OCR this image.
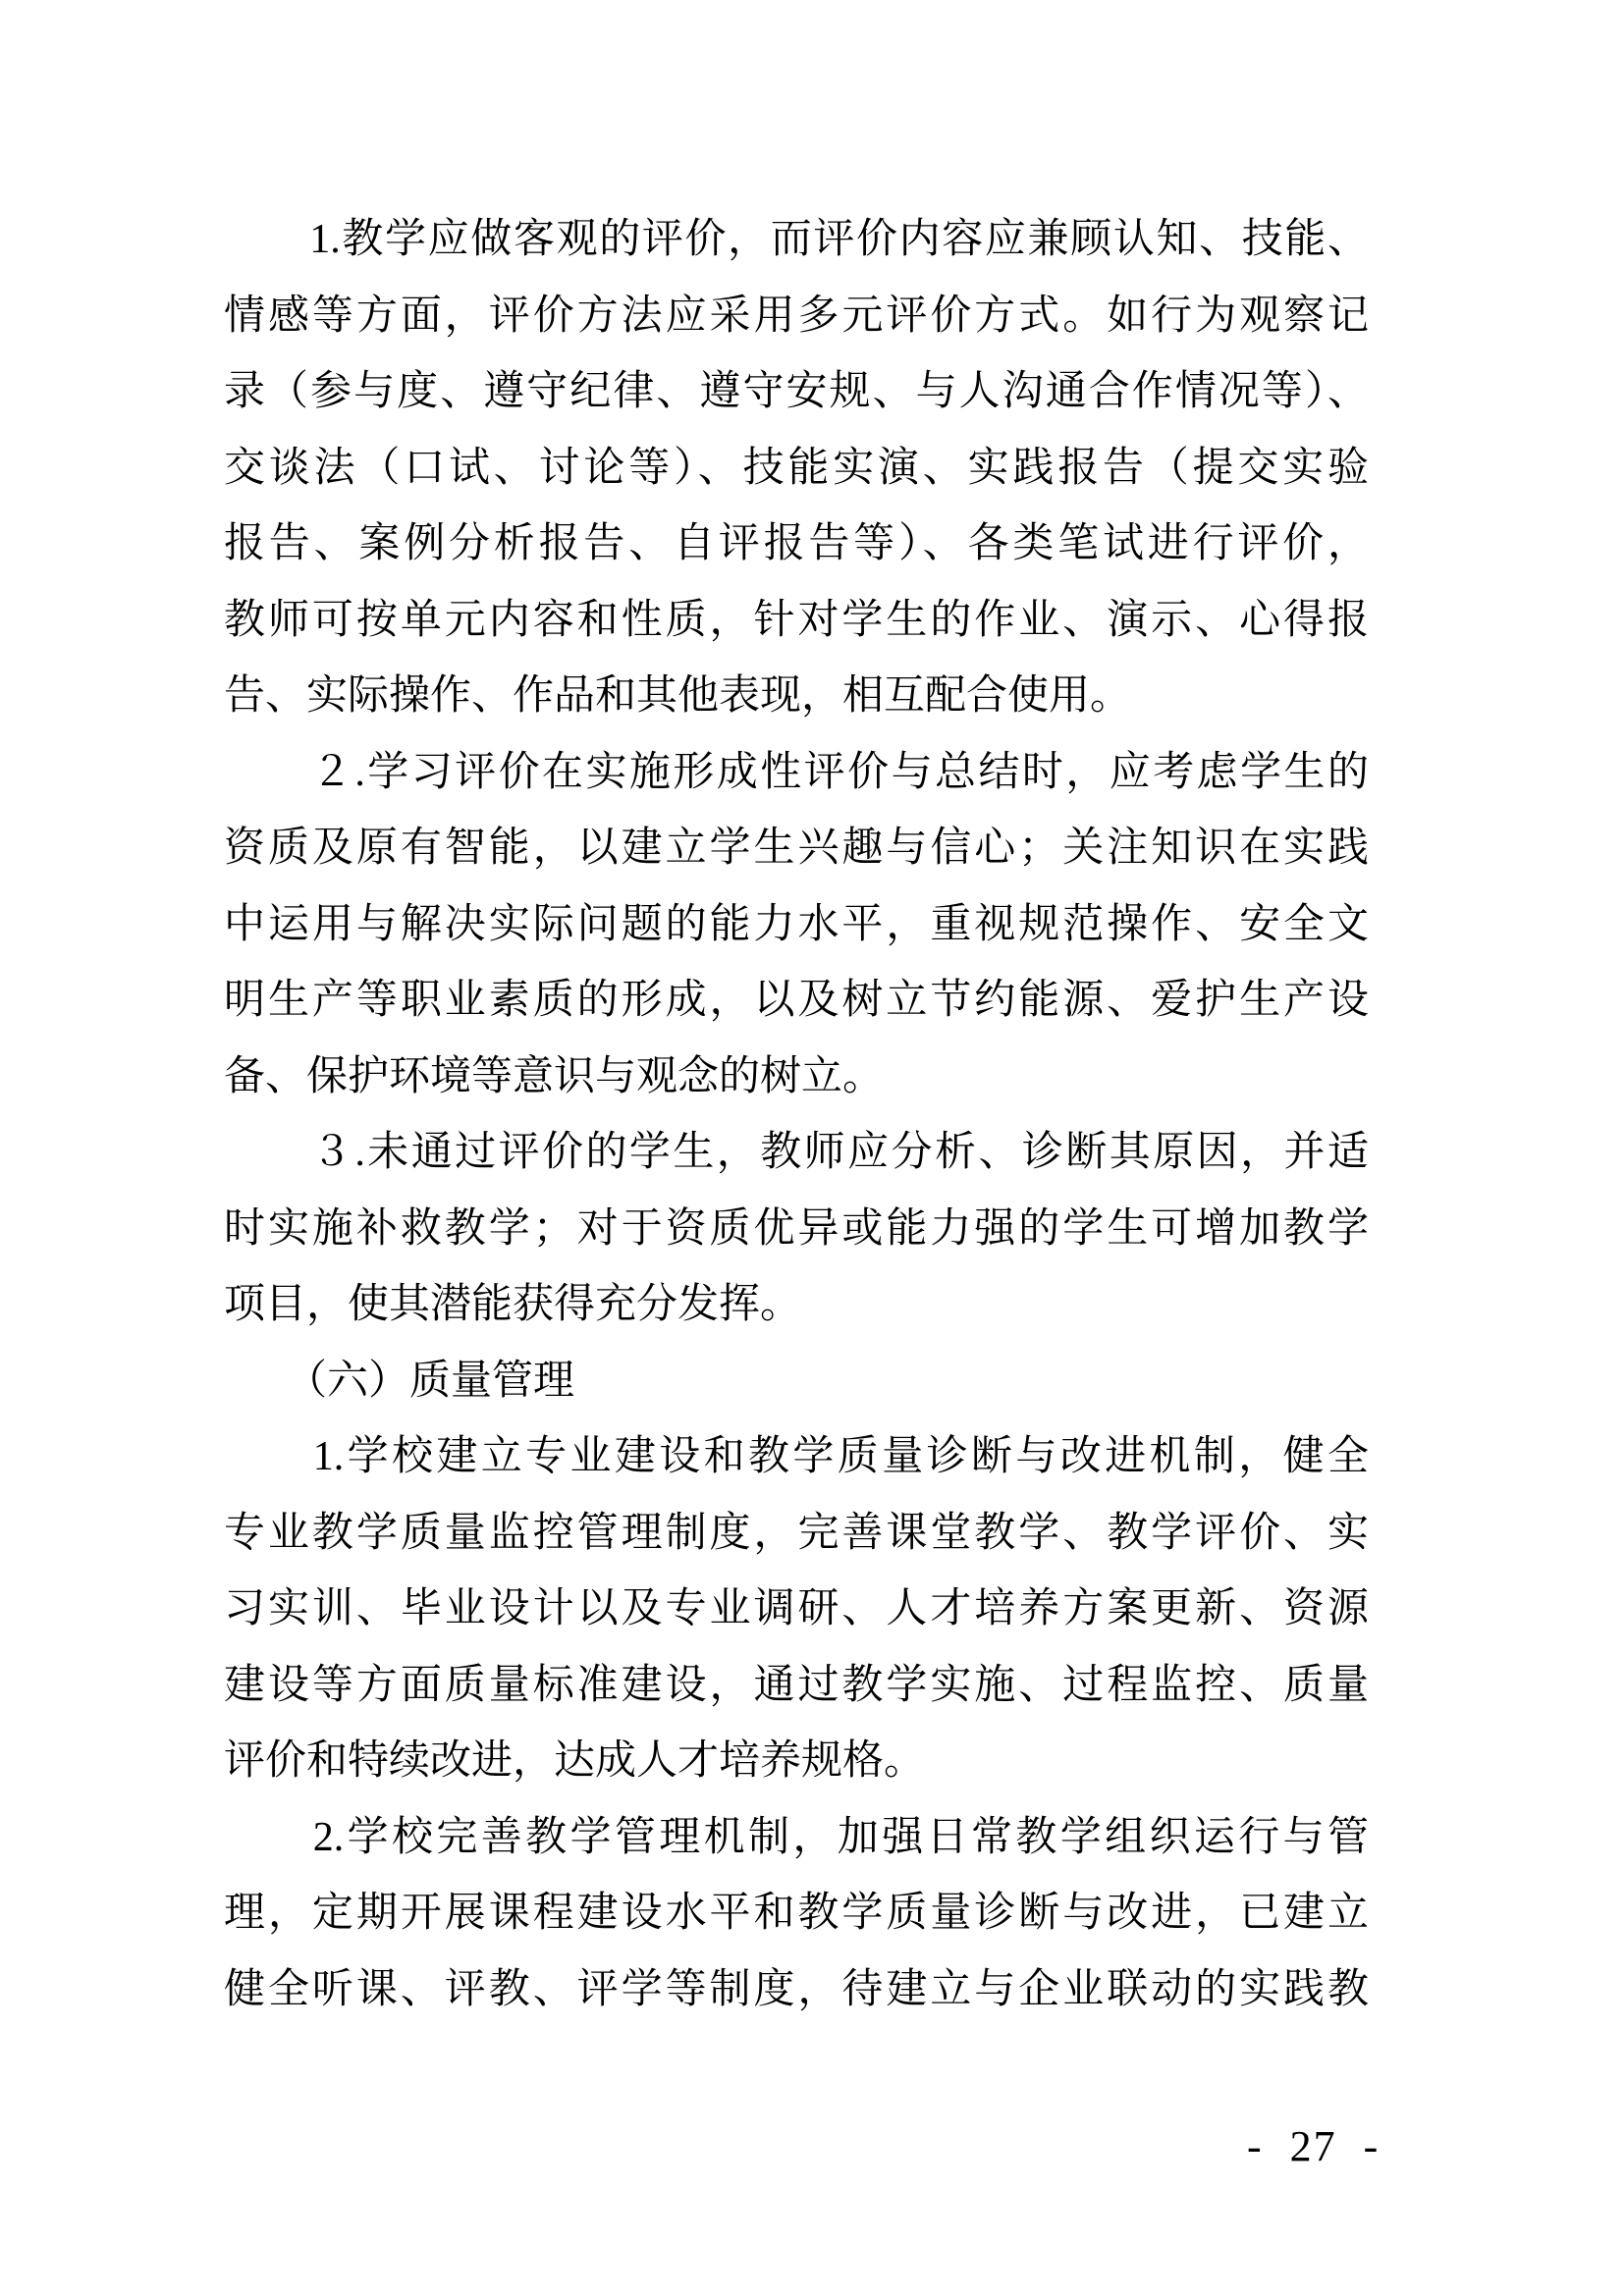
　　1.教学应做客观的评价，而评价内容应兼顾认知、技能、
情感等方面，评价方法应采用多元评价方式。如行为观察记
录（参与度、遵守纪律、遵守安规、与人沟通合作情况等）、
交谈法（口试、讨论等）、技能实演、实践报告（提交实验
报告、案例分析报告、自评报告等）、各类笔试进行评价，
教师可按单元内容和性质，针对学生的作业、演示、心得报
告、实际操作、作品和其他表现，相互配合使用。
　　２.学习评价在实施形成性评价与总结时，应考虑学生的
资质及原有智能，以建立学生兴趣与信心；关注知识在实践
中运用与解决实际问题的能力水平，重视规范操作、安全文
明生产等职业素质的形成，以及树立节约能源、爱护生产设
备、保护环境等意识与观念的树立。
　　３.未通过评价的学生，教师应分析、诊断其原因，并适
时实施补救教学；对于资质优异或能力强的学生可增加教学
项目，使其潜能获得充分发挥。
　　（六）质量管理
　　1.学校建立专业建设和教学质量诊断与改进机制，健全
专业教学质量监控管理制度，完善课堂教学、教学评价、实
习实训、毕业设计以及专业调研、人才培养方案更新、资源
建设等方面质量标准建设，通过教学实施、过程监控、质量
评价和特续改进，达成人才培养规格。
　　2.学校完善教学管理机制，加强日常教学组织运行与管
理，定期开展课程建设水平和教学质量诊断与改进，已建立
健全听课、评教、评学等制度，待建立与企业联动的实践教
- 27 -
